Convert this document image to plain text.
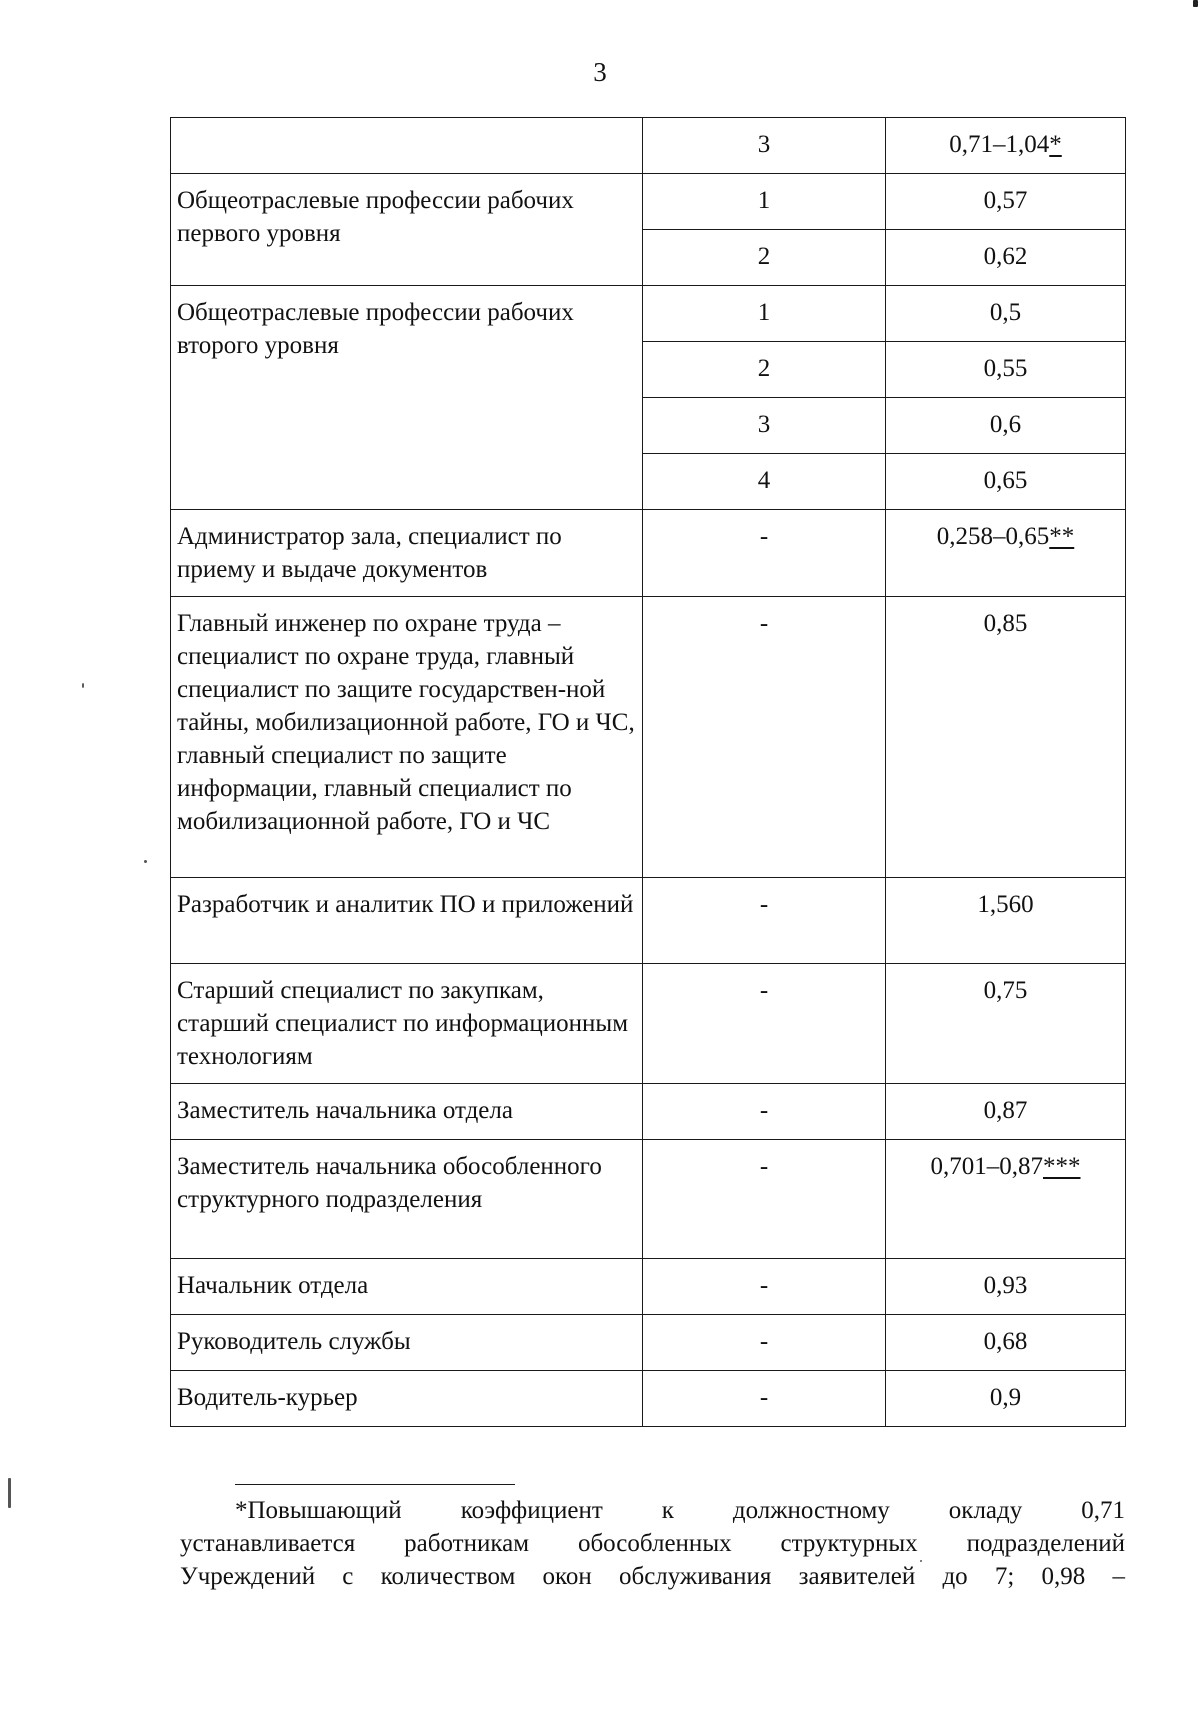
3
	3	0,71–1,04*
Общеотраслевые профессии рабочих первого уровня	1	0,57
	2	0,62
Общеотраслевые профессии рабочих второго уровня	1	0,5
	2	0,55
	3	0,6
	4	0,65
Администратор зала, специалист по приему и выдаче документов	-	0,258–0,65**
Главный инженер по охране труда – специалист по охране труда, главный специалист по защите государствен-ной тайны, мобилизационной работе, ГО и ЧС, главный специалист по защите информации, главный специалист по мобилизационной работе, ГО и ЧС	-	0,85
Разработчик и аналитик ПО и приложений	-	1,560
Старший специалист по закупкам, старший специалист по информационным технологиям	-	0,75
Заместитель начальника отдела	-	0,87
Заместитель начальника обособленного структурного подразделения	-	0,701–0,87***
Начальник отдела	-	0,93
Руководитель службы	-	0,68
Водитель-курьер	-	0,9
*Повышающий коэффициент к должностному окладу 0,71
устанавливается работникам обособленных структурных подразделений
Учреждений с количеством окон обслуживания заявителей до 7; 0,98 –
